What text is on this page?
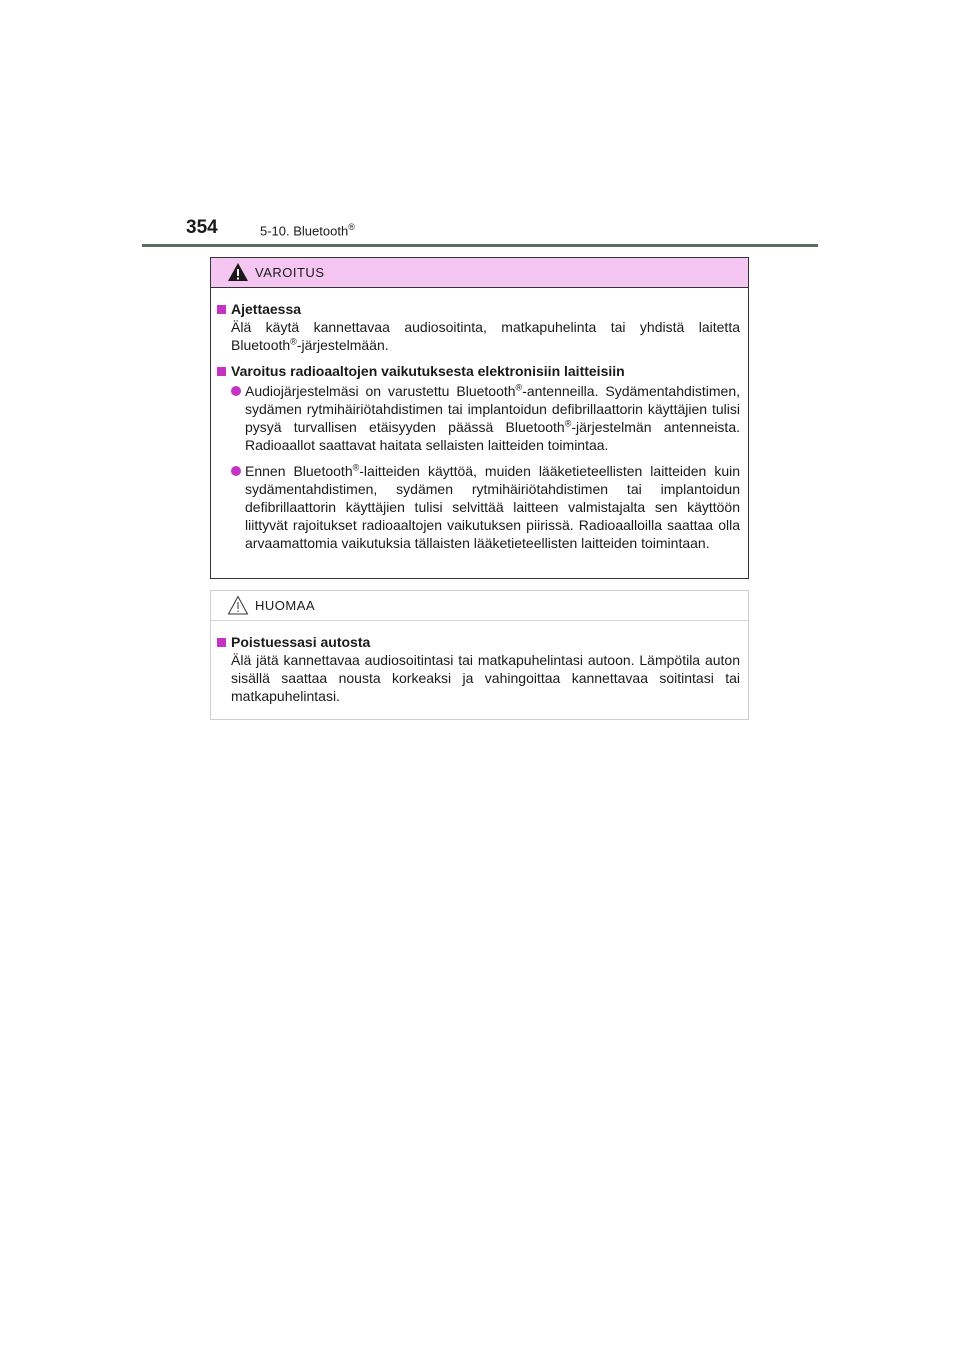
354	5-10. Bluetooth®
VAROITUS
Ajettaessa
Älä käytä kannettavaa audiosoitinta, matkapuhelinta tai yhdistä laitetta Bluetooth®-järjestelmään.
Varoitus radioaaltojen vaikutuksesta elektronisiin laitteisiin
Audiojärjestelmäsi on varustettu Bluetooth®-antenneilla. Sydämentahdistimen, sydämen rytmihäiriötahdistimen tai implantoidun defibrillaattorin käyttäjien tulisi pysyä turvallisen etäisyyden päässä Bluetooth®-järjestelmän antenneista. Radioaallot saattavat haitata sellaisten laitteiden toimintaa.
Ennen Bluetooth®-laitteiden käyttöä, muiden lääketieteellisten laitteiden kuin sydämentahdistimen, sydämen rytmihäiriötahdistimen tai implantoidun defibrillaattorin käyttäjien tulisi selvittää laitteen valmistajalta sen käyttöön liittyvät rajoitukset radioaaltojen vaikutuksen piirissä. Radioaalloilla saattaa olla arvaamattomia vaikutuksia tällaisten lääketieteellisten laitteiden toimintaan.
HUOMAA
Poistuessasi autosta
Älä jätä kannettavaa audiosoitintasi tai matkapuhelintasi autoon. Lämpötila auton sisällä saattaa nousta korkeaksi ja vahingoittaa kannettavaa soitintasi tai matkapuhelintasi.
